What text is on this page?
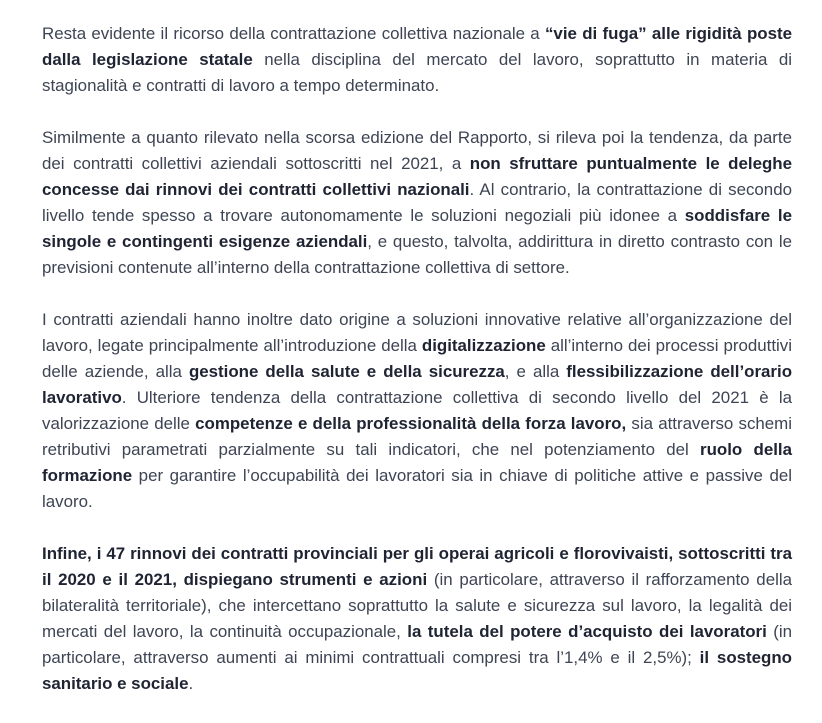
Resta evidente il ricorso della contrattazione collettiva nazionale a “vie di fuga” alle rigidità poste dalla legislazione statale nella disciplina del mercato del lavoro, soprattutto in materia di stagionalità e contratti di lavoro a tempo determinato.

Similmente a quanto rilevato nella scorsa edizione del Rapporto, si rileva poi la tendenza, da parte dei contratti collettivi aziendali sottoscritti nel 2021, a non sfruttare puntualmente le deleghe concesse dai rinnovi dei contratti collettivi nazionali. Al contrario, la contrattazione di secondo livello tende spesso a trovare autonomamente le soluzioni negoziali più idonee a soddisfare le singole e contingenti esigenze aziendali, e questo, talvolta, addirittura in diretto contrasto con le previsioni contenute all’interno della contrattazione collettiva di settore.

I contratti aziendali hanno inoltre dato origine a soluzioni innovative relative all’organizzazione del lavoro, legate principalmente all’introduzione della digitalizzazione all’interno dei processi produttivi delle aziende, alla gestione della salute e della sicurezza, e alla flessibilizzazione dell’orario lavorativo. Ulteriore tendenza della contrattazione collettiva di secondo livello del 2021 è la valorizzazione delle competenze e della professionalità della forza lavoro, sia attraverso schemi retributivi parametrati parzialmente su tali indicatori, che nel potenziamento del ruolo della formazione per garantire l’occupabilità dei lavoratori sia in chiave di politiche attive e passive del lavoro.

Infine, i 47 rinnovi dei contratti provinciali per gli operai agricoli e florovivaisti, sottoscritti tra il 2020 e il 2021, dispiegano strumenti e azioni (in particolare, attraverso il rafforzamento della bilateralità territoriale), che intercettano soprattutto la salute e sicurezza sul lavoro, la legalità dei mercati del lavoro, la continuità occupazionale, la tutela del potere d’acquisto dei lavoratori (in particolare, attraverso aumenti ai minimi contrattuali compresi tra l’1,4% e il 2,5%); il sostegno sanitario e sociale.
